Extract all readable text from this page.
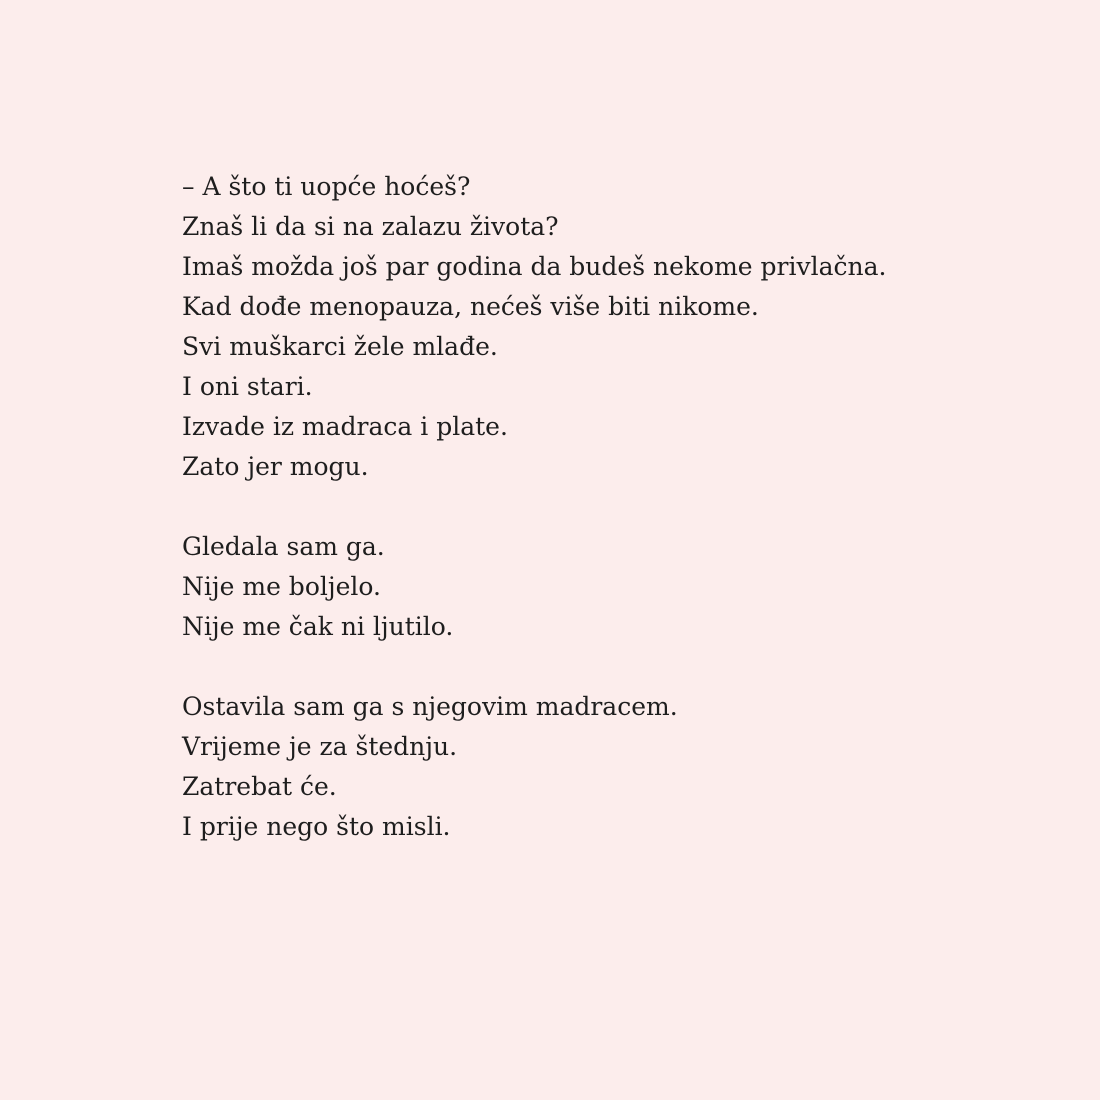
– A što ti uopće hoćeš?
Znaš li da si na zalazu života?
Imaš možda još par godina da budeš nekome privlačna.
Kad dođe menopauza, nećeš više biti nikome.
Svi muškarci žele mlađe.
I oni stari.
Izvade iz madraca i plate.
Zato jer mogu.
Gledala sam ga.
Nije me boljelo.
Nije me čak ni ljutilo.
Ostavila sam ga s njegovim madracem.
Vrijeme je za štednju.
Zatrebat će.
I prije nego što misli.
